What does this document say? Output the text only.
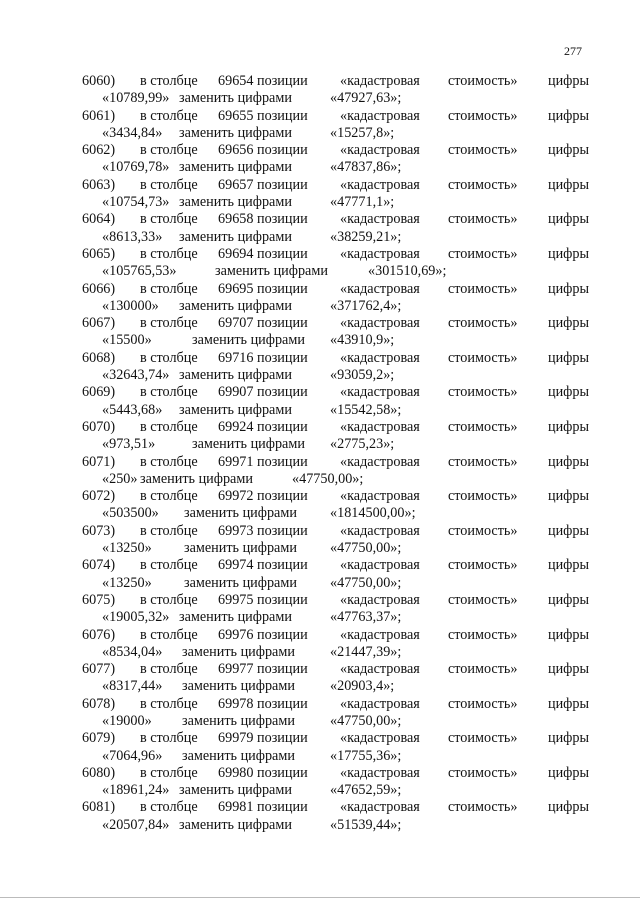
277
6060) в столбце 69654 позиции «кадастровая стоимость» цифры
«10789,99» заменить цифрами	«47927,63»;
6061) в столбце 69655 позиции «кадастровая стоимость» цифры
«3434,84» заменить цифрами	«15257,8»;
6062) в столбце 69656 позиции «кадастровая стоимость» цифры
«10769,78» заменить цифрами	«47837,86»;
6063) в столбце 69657 позиции «кадастровая стоимость» цифры
«10754,73» заменить цифрами	«47771,1»;
6064) в столбце 69658 позиции «кадастровая стоимость» цифры
«8613,33» заменить цифрами	«38259,21»;
6065) в столбце 69694 позиции «кадастровая стоимость» цифры
«105765,53»	заменить цифрами	«301510,69»;
6066) в столбце 69695 позиции «кадастровая стоимость» цифры
«130000» заменить цифрами	«371762,4»;
6067) в столбце 69707 позиции «кадастровая стоимость» цифры
«15500»	заменить цифрами «43910,9»;
6068) в столбце 69716 позиции «кадастровая стоимость» цифры
«32643,74» заменить цифрами	«93059,2»;
6069) в столбце 69907 позиции «кадастровая стоимость» цифры
«5443,68» заменить цифрами	«15542,58»;
6070) в столбце 69924 позиции «кадастровая стоимость» цифры
«973,51»	заменить цифрами «2775,23»;
6071) в столбце 69971 позиции «кадастровая стоимость» цифры
«250» заменить цифрами	«47750,00»;
6072) в столбце 69972 позиции «кадастровая стоимость» цифры
«503500» заменить цифрами «1814500,00»;
6073) в столбце 69973 позиции «кадастровая стоимость» цифры
«13250» заменить цифрами «47750,00»;
6074) в столбце 69974 позиции «кадастровая стоимость» цифры
«13250» заменить цифрами «47750,00»;
6075) в столбце 69975 позиции «кадастровая стоимость» цифры
«19005,32» заменить цифрами	«47763,37»;
6076) в столбце 69976 позиции «кадастровая стоимость» цифры
«8534,04» заменить цифрами «21447,39»;
6077) в столбце 69977 позиции «кадастровая стоимость» цифры
«8317,44» заменить цифрами «20903,4»;
6078) в столбце 69978 позиции «кадастровая стоимость» цифры
«19000» заменить цифрами «47750,00»;
6079) в столбце 69979 позиции «кадастровая стоимость» цифры
«7064,96» заменить цифрами «17755,36»;
6080) в столбце 69980 позиции «кадастровая стоимость» цифры
«18961,24» заменить цифрами	«47652,59»;
6081) в столбце 69981 позиции «кадастровая стоимость» цифры
«20507,84» заменить цифрами	«51539,44»;
